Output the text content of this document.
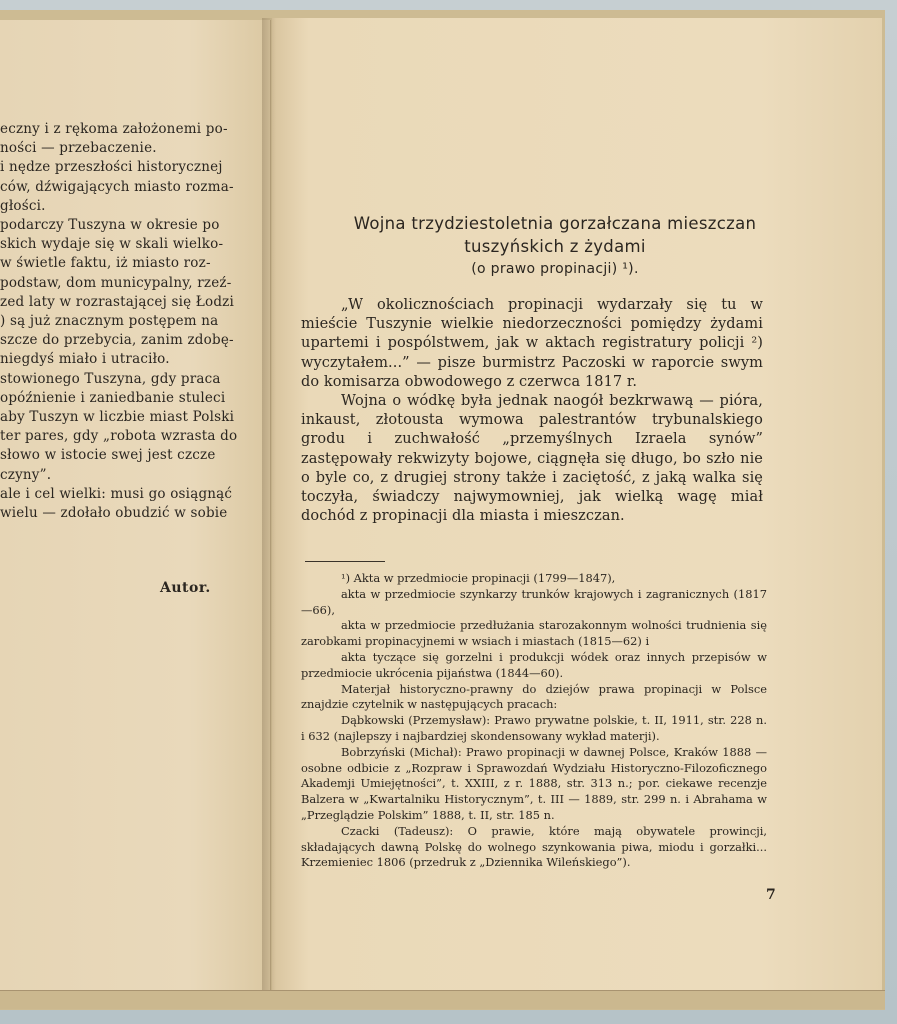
eczny i z rękoma założonemi po-
ności — przebaczenie.
i nędze przeszłości historycznej
ców, dźwigających miasto rozma-
głości.
podarczy Tuszyna w okresie po
skich wydaje się w skali wielko-
w świetle faktu, iż miasto roz-
podstaw, dom municypalny, rzeź-
zed laty w rozrastającej się Łodzi
) są już znacznym postępem na
szcze do przebycia, zanim zdobę-
niegdyś miało i utraciło.
stowionego Tuszyna, gdy praca
opóźnienie i zaniedbanie stuleci
aby Tuszyn w liczbie miast Polski
ter pares, gdy „robota wzrasta do
słowo w istocie swej jest czcze
czyny”.
ale i cel wielki: musi go osiągnąć
wielu — zdołało obudzić w sobie
Autor.
Wojna trzydziestoletnia gorzałczana mieszczan
tuszyńskich z żydami
(o prawo propinacji) ¹).

„W okolicznościach propinacji wydarzały się tu w mieście Tuszynie wielkie niedorzeczności pomiędzy żydami upartemi i pospólstwem, jak w aktach registratury policji ²) wyczytałem...” — pisze burmistrz Paczoski w raporcie swym do komisarza obwodowego z czerwca 1817 r.

Wojna o wódkę była jednak naogół bezkrwawą — pióra, inkaust, złotousta wymowa palestrantów trybunalskiego grodu i zuchwałość „przemyślnych Izraela synów” zastępowały rekwizyty bojowe, ciągnęła się długo, bo szło nie o byle co, z drugiej strony także i zaciętość, z jaką walka się toczyła, świadczy najwymowniej, jak wielką wagę miał dochód z propinacji dla miasta i mieszczan.

¹) Akta w przedmiocie propinacji (1799—1847),

akta w przedmiocie szynkarzy trunków krajowych i zagranicznych (1817—66),

akta w przedmiocie przedłużania starozakonnym wolności trudnienia się zarobkami propinacyjnemi w wsiach i miastach (1815—62) i

akta tyczące się gorzelni i produkcji wódek oraz innych przepisów w przedmiocie ukrócenia pijaństwa (1844—60).

Materjał historyczno-prawny do dziejów prawa propinacji w Polsce znajdzie czytelnik w następujących pracach:

Dąbkowski (Przemysław): Prawo prywatne polskie, t. II, 1911, str. 228 n. i 632 (najlepszy i najbardziej skondensowany wykład materji).

Bobrzyński (Michał): Prawo propinacji w dawnej Polsce, Kraków 1888 — osobne odbicie z „Rozpraw i Sprawozdań Wydziału Historyczno-Filozoficznego Akademji Umiejętności”, t. XXIII, z r. 1888, str. 313 n.; por. ciekawe recenzje Balzera w „Kwartalniku Historycznym”, t. III — 1889, str. 299 n. i Abrahama w „Przeglądzie Polskim” 1888, t. II, str. 185 n.

Czacki (Tadeusz): O prawie, które mają obywatele prowincji, składających dawną Polskę do wolnego szynkowania piwa, miodu i gorzałki... Krzemieniec 1806 (przedruk z „Dziennika Wileńskiego”).

7
